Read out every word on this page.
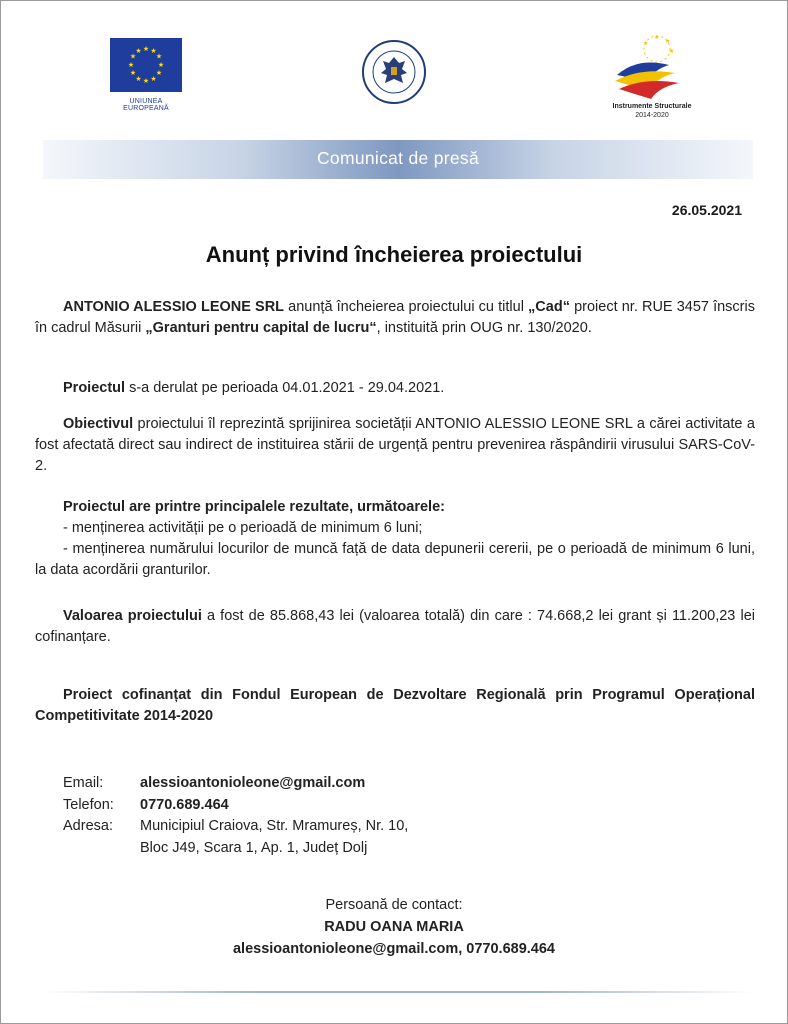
★ ★
★
★
★
★
★
★
★
★
★
★
UNIUNEA EUROPEANĂ
★
★
★
★
Instrumente Structurale
2014-2020
Comunicat de presă
26.05.2021
Anunț privind încheierea proiectului

ANTONIO ALESSIO LEONE SRL anunță încheierea proiectului cu titlul „Cad“ proiect nr. RUE 3457 înscris în cadrul Măsurii „Granturi pentru capital de lucru“, instituită prin OUG nr. 130/2020.

Proiectul s-a derulat pe perioada 04.01.2021 - 29.04.2021.

Obiectivul proiectului îl reprezintă sprijinirea societății ANTONIO ALESSIO LEONE SRL a cărei activitate a fost afectată direct sau indirect de instituirea stării de urgență pentru prevenirea răspândirii virusului SARS-CoV-2.

Proiectul are printre principalele rezultate, următoarele:

- menținerea activității pe o perioadă de minimum 6 luni;

- menținerea numărului locurilor de muncă față de data depunerii cererii, pe o perioadă de minimum 6 luni, la data acordării granturilor.

Valoarea proiectului a fost de 85.868,43 lei (valoarea totală) din care : 74.668,2 lei grant și 11.200,23 lei cofinanțare.

Proiect cofinanțat din Fondul European de Dezvoltare Regională prin Programul Operațional Competitivitate 2014-2020

Email:	alessioantonioleone@gmail.com
Telefon:	0770.689.464
Adresa:	Municipiul Craiova, Str. Mramureș, Nr. 10,
Bloc J49, Scara 1, Ap. 1, Județ Dolj
Persoană de contact:
RADU OANA MARIA
alessioantonioleone@gmail.com, 0770.689.464
